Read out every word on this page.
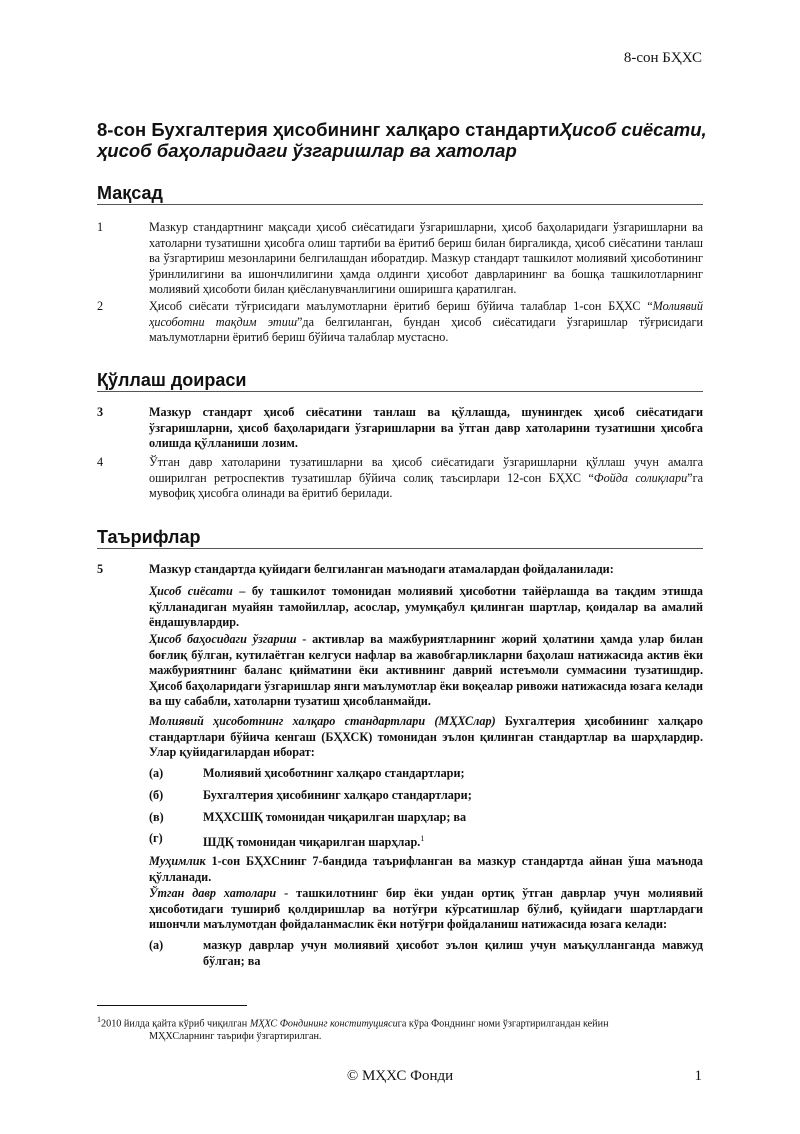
8-сон БҲХС
8-сон Бухгалтерия ҳисобининг халқаро стандартиҲисоб сиёсати, ҳисоб баҳоларидаги ўзгаришлар ва хатолар
Мақсад
1	Мазкур стандартнинг мақсади ҳисоб сиёсатидаги ўзгаришларни, ҳисоб баҳоларидаги ўзгаришларни ва хатоларни тузатишни ҳисобга олиш тартиби ва ёритиб бериш билан биргаликда, ҳисоб сиёсатини танлаш ва ўзгартириш мезонларини белгилашдан иборатдир. Мазкур стандарт ташкилот молиявий ҳисоботининг ўринлилигини ва ишончлилигини ҳамда олдинги ҳисобот даврларининг ва бошқа ташкилотларнинг молиявий ҳисоботи билан қиёсланувчанлигини оширишга қаратилган.
2	Ҳисоб сиёсати тўғрисидаги маълумотларни ёритиб бериш бўйича талаблар 1-сон БҲХС “Молиявий ҳисоботни тақдим этиш”да белгиланган, бундан ҳисоб сиёсатидаги ўзгаришлар тўғрисидаги маълумотларни ёритиб бериш бўйича талаблар мустасно.
Қўллаш доираси
3	Мазкур стандарт ҳисоб сиёсатини танлаш ва қўллашда, шунингдек ҳисоб сиёсатидаги ўзгаришларни, ҳисоб баҳоларидаги ўзгаришларни ва ўтган давр хатоларини тузатишни ҳисобга олишда қўлланиши лозим.
4	Ўтган давр хатоларини тузатишларни ва ҳисоб сиёсатидаги ўзгаришларни қўллаш учун амалга оширилган ретроспектив тузатишлар бўйича солиқ таъсирлари 12-сон БҲХС “Фойда солиқлари”га мувофиқ ҳисобга олинади ва ёритиб берилади.
Таърифлар
5	Мазкур стандартда қуйидаги белгиланган маънодаги атамалардан фойдаланилади:
Ҳисоб сиёсати – бу ташкилот томонидан молиявий ҳисоботни тайёрлашда ва тақдим этишда қўлланадиган муайян тамойиллар, асослар, умумқабул қилинган шартлар, қоидалар ва амалий ёндашувлардир.
Ҳисоб баҳосидаги ўзгариш - активлар ва мажбуриятларнинг жорий ҳолатини ҳамда улар билан боғлиқ бўлган, кутилаётган келгуси нафлар ва жавобгарликларни баҳолаш натижасида актив ёки мажбуриятнинг баланс қийматини ёки активнинг даврий истеъмоли суммасини тузатишдир. Ҳисоб баҳоларидаги ўзгаришлар янги маълумотлар ёки воқеалар ривожи натижасида юзага келади ва шу сабабли, хатоларни тузатиш ҳисобланмайди.
Молиявий ҳисоботнинг халқаро стандартлари (МҲХСлар) Бухгалтерия ҳисобининг халқаро стандартлари бўйича кенгаш (БҲХСК) томонидан эълон қилинган стандартлар ва шарҳлардир. Улар қуйидагилардан иборат:
(а)	Молиявий ҳисоботнинг халқаро стандартлари;
(б)	Бухгалтерия ҳисобининг халқаро стандартлари;
(в)	МҲХСШҚ томонидан чиқарилган шарҳлар; ва
(г)	ШДҚ томонидан чиқарилган шарҳлар.$^1$
Муҳимлик 1-сон БҲХСнинг 7-бандида таърифланган ва мазкур стандартда айнан ўша маънода қўлланади.
Ўтган давр хатолари - ташкилотнинг бир ёки ундан ортиқ ўтган даврлар учун молиявий ҳисоботидаги тушириб қолдиришлар ва нотўғри кўрсатишлар бўлиб, қуйидаги шартлардаги ишончли маълумотдан фойдаланмаслик ёки нотўғри фойдаланиш натижасида юзага келади:
(а)	мазкур даврлар учун молиявий ҳисобот эълон қилиш учун маъқулланганда мавжуд бўлган; ва
$^1$2010 йилда қайта кўриб чиқилган МҲХС Фондининг конституциясига кўра Фонднинг номи ўзгартирилгандан кейин
МҲХСларнинг таърифи ўзгартирилган.
© МҲХС Фонди	1
